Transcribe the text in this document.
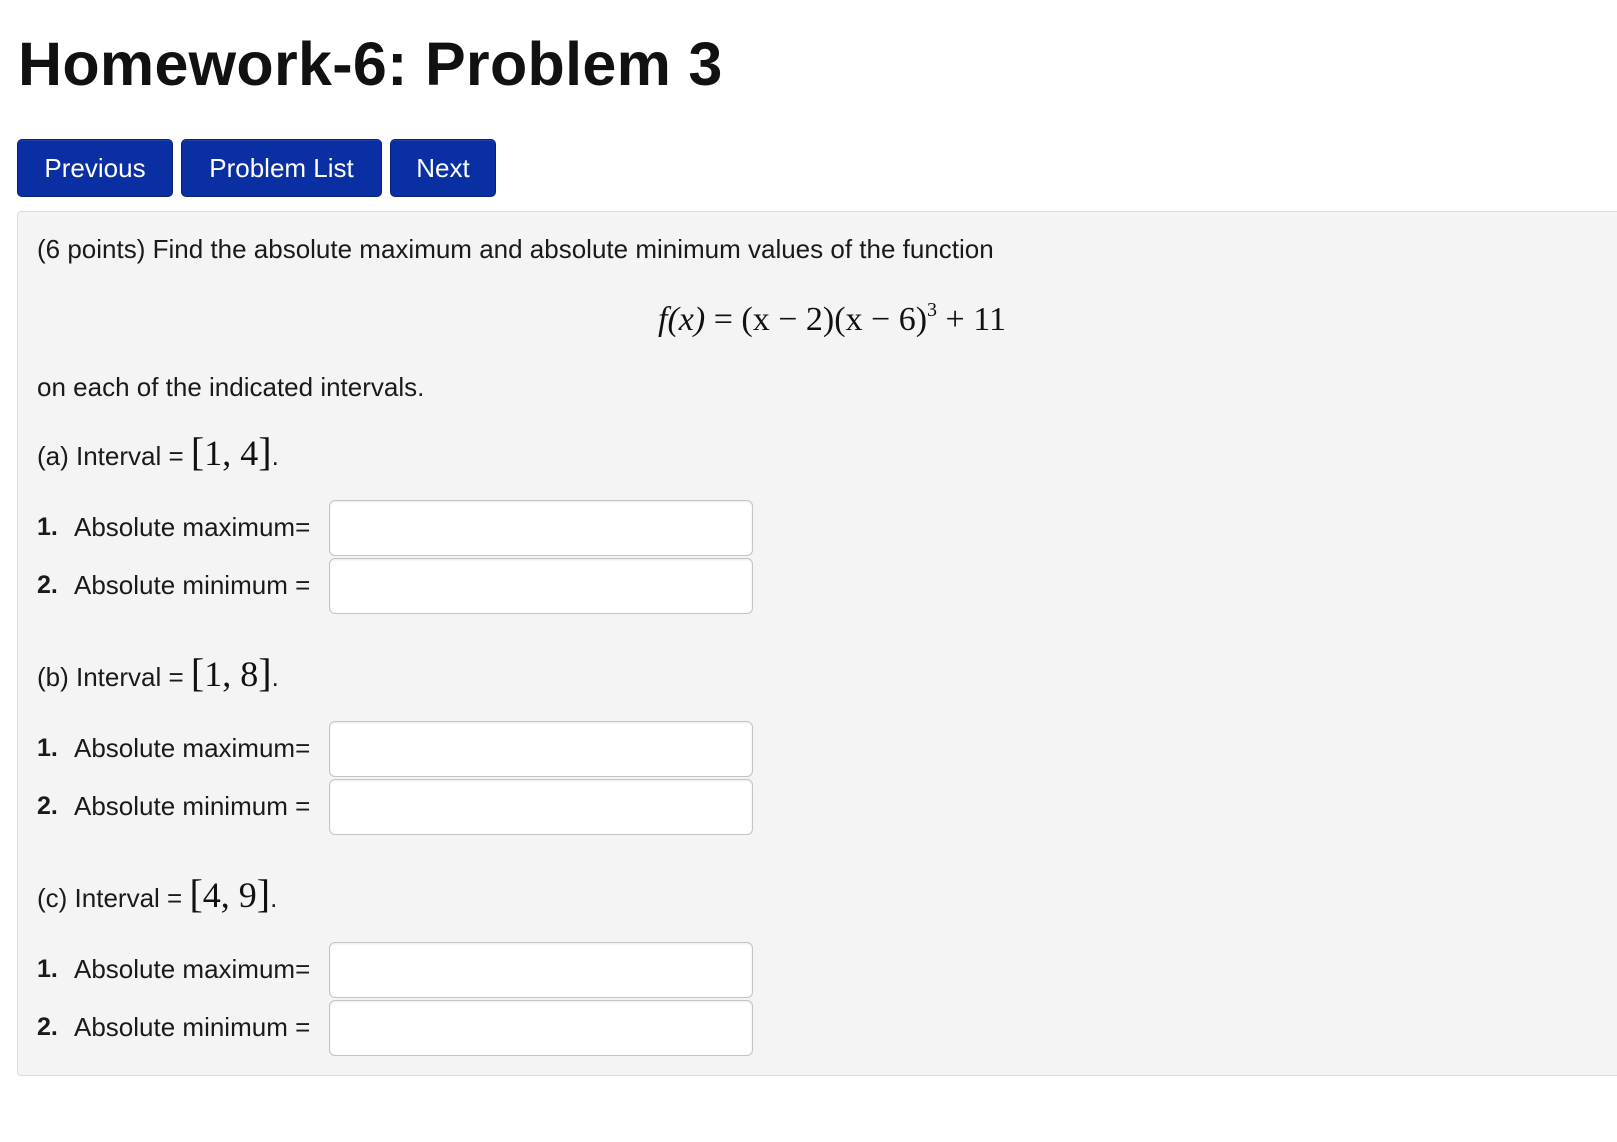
Homework-6: Problem 3
Previous	Problem List	Next

(6 points) Find the absolute maximum and absolute minimum values of the function

$f(x) = (x - 2)(x - 6)^3 + 11$

on each of the indicated intervals.

(a) Interval = [1, 4].
1. Absolute maximum=
2. Absolute minimum =
(b) Interval = [1, 8].
1. Absolute maximum=
2. Absolute minimum =
(c) Interval = [4, 9].
1. Absolute maximum=
2. Absolute minimum =
